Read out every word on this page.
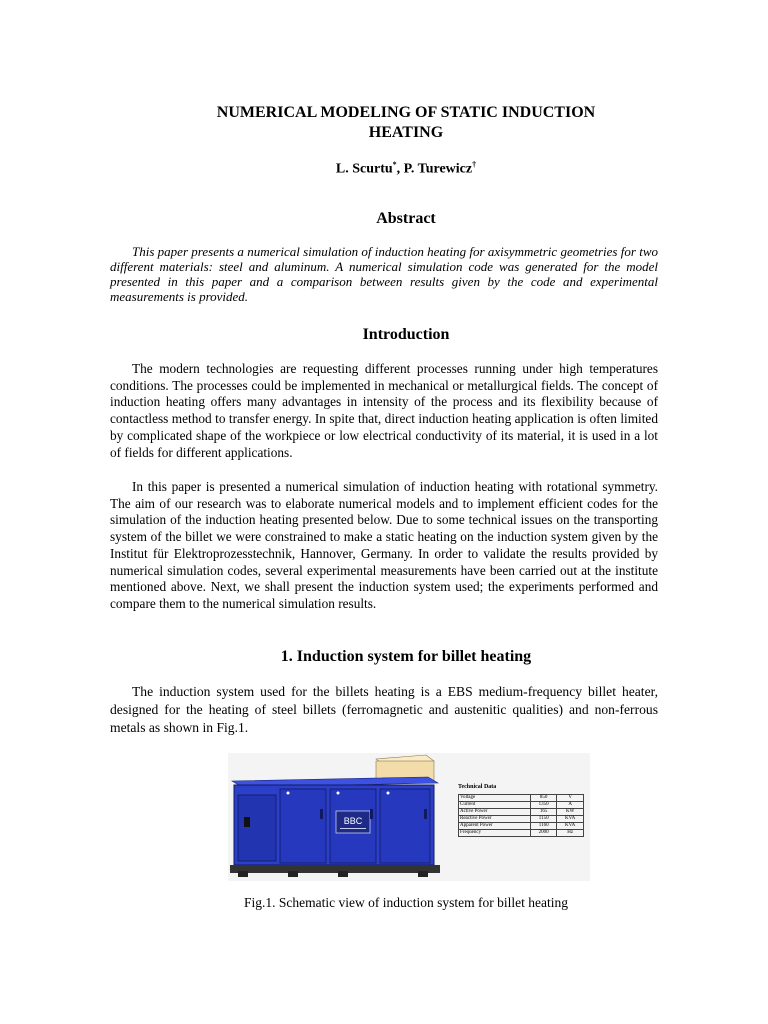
NUMERICAL MODELING OF STATIC INDUCTION
HEATING
L. Scurtu*, P. Turewicz†
Abstract
This paper presents a numerical simulation of induction heating for axisymmetric geometries for two different materials: steel and aluminum. A numerical simulation code was generated for the model presented in this paper and a comparison between results given by the code and experimental measurements is provided.
Introduction
The modern technologies are requesting different processes running under high temperatures conditions. The processes could be implemented in mechanical or metallurgical fields. The concept of induction heating offers many advantages in intensity of the process and its flexibility because of contactless method to transfer energy. In spite that, direct induction heating application is often limited by complicated shape of the workpiece or low electrical conductivity of its material, it is used in a lot of fields for different applications.
In this paper is presented a numerical simulation of induction heating with rotational symmetry. The aim of our research was to elaborate numerical models and to implement efficient codes for the simulation of the induction heating presented below. Due to some technical issues on the transporting system of the billet we were constrained to make a static heating on the induction system given by the Institut für Elektroprozesstechnik, Hannover, Germany. In order to validate the results provided by numerical simulation codes, several experimental measurements have been carried out at the institute mentioned above. Next, we shall present the induction system used; the experiments performed and compare them to the numerical simulation results.
1. Induction system for billet heating
The induction system used for the billets heating is a EBS medium-frequency billet heater, designed for the heating of steel billets (ferromagnetic and austenitic qualities) and non-ferrous metals as shown in Fig.1.
BBC
Technical Data
Voltage	850	V
Current	1350	A
Active Power	165	KW
Reactive Power	1150	KVA
Apparent Power	1160	KVA
Frequency	2000	Hz
Fig.1. Schematic view of induction system for billet heating
